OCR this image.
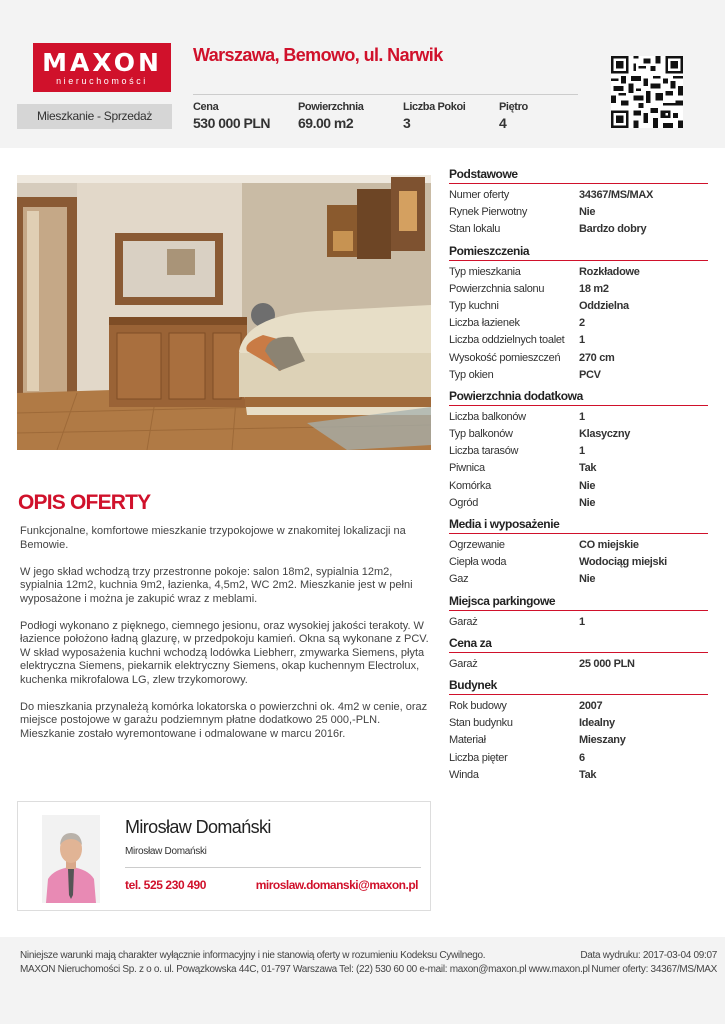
MAXON
nieruchomości
Warszawa, Bemowo, ul. Narwik
Mieszkanie - Sprzedaż
Cena
530 000 PLN
Powierzchnia
69.00 m2
Liczba Pokoi
3
Piętro
4
OPIS OFERTY

Funkcjonalne, komfortowe mieszkanie trzypokojowe w znakomitej lokalizacji na Bemowie.

W jego skład wchodzą trzy przestronne pokoje: salon 18m2, sypialnia 12m2, sypialnia 12m2, kuchnia 9m2, łazienka, 4,5m2, WC 2m2. Mieszkanie jest w pełni wyposażone i można je zakupić wraz z meblami.

Podłogi wykonano z pięknego, ciemnego jesionu, oraz wysokiej jakości terakoty. W łazience położono ładną glazurę, w przedpokoju kamień. Okna są wykonane z PCV. W skład wyposażenia kuchni wchodzą lodówka Liebherr, zmywarka Siemens, płyta elektryczna Siemens, piekarnik elektryczny Siemens, okap kuchennym Electrolux, kuchenka mikrofalowa LG, zlew trzykomorowy.

Do mieszkania przynależą komórka lokatorska o powierzchni ok. 4m2 w cenie, oraz miejsce postojowe w garażu podziemnym płatne dodatkowo 25 000,-PLN. Mieszkanie zostało wyremontowane i odmalowane w marcu 2016r.

Podstawowe
Numer oferty	34367/MS/MAX
Rynek Pierwotny	Nie
Stan lokalu	Bardzo dobry
Pomieszczenia
Typ mieszkania	Rozkładowe
Powierzchnia salonu	18 m2
Typ kuchni	Oddzielna
Liczba łazienek	2
Liczba oddzielnych toalet	1
Wysokość pomieszczeń	270 cm
Typ okien	PCV
Powierzchnia dodatkowa
Liczba balkonów	1
Typ balkonów	Klasyczny
Liczba tarasów	1
Piwnica	Tak
Komórka	Nie
Ogród	Nie
Media i wyposażenie
Ogrzewanie	CO miejskie
Ciepła woda	Wodociąg miejski
Gaz	Nie
Miejsca parkingowe
Garaż	1
Cena za
Garaż	25 000 PLN
Budynek
Rok budowy	2007
Stan budynku	Idealny
Materiał	Mieszany
Liczba pięter	6
Winda	Tak
Mirosław Domański
Mirosław Domański
tel. 525 230 490	miroslaw.domanski@maxon.pl
Niniejsze warunki mają charakter wyłącznie informacyjny i nie stanowią oferty w rozumieniu Kodeksu Cywilnego.
MAXON Nieruchomości Sp. z o o. ul. Powązkowska 44C, 01-797 Warszawa Tel: (22) 530 60 00 e-mail: maxon@maxon.pl www.maxon.pl
Data wydruku: 2017-03-04 09:07
Numer oferty: 34367/MS/MAX
